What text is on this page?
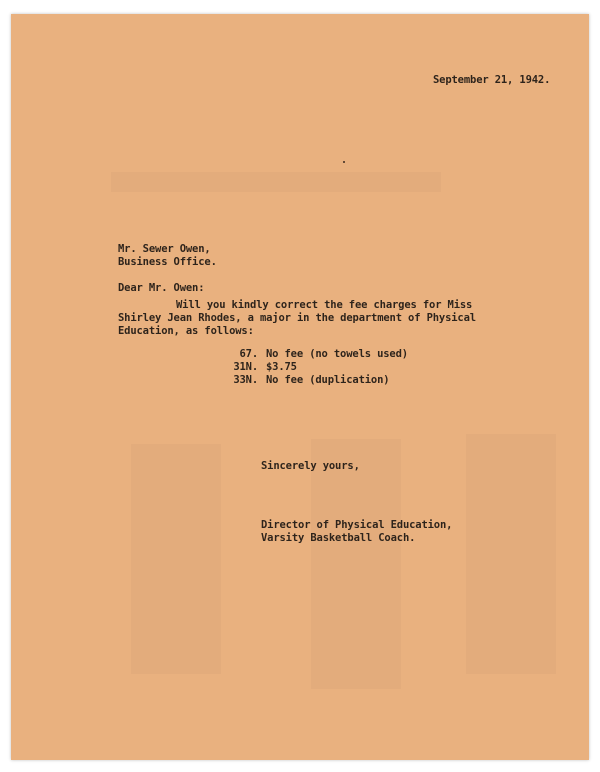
September 21, 1942.
Mr. Sewer Owen,
Business Office.
Dear Mr. Owen:
Will you kindly correct the fee charges for Miss
Shirley Jean Rhodes, a major in the department of Physical
Education, as follows:
67. No fee (no towels used)
31N. $3.75
33N. No fee (duplication)
Sincerely yours,
Director of Physical Education,
Varsity Basketball Coach.
